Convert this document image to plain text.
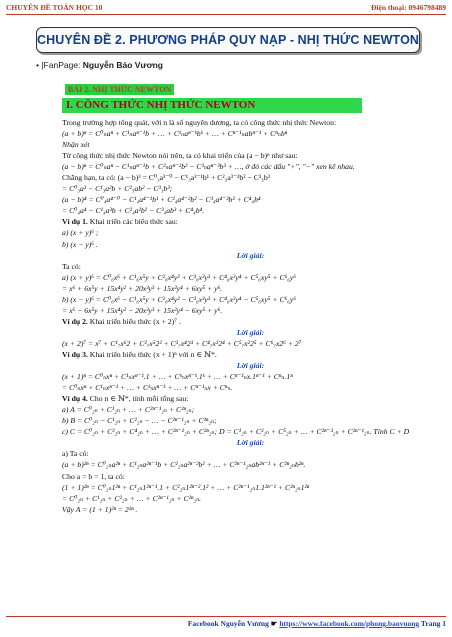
CHUYÊN ĐỀ TOÁN HỌC 10	Điện thoại: 0946798489
CHUYÊN ĐỀ 2. PHƯƠNG PHÁP QUY NẠP - NHỊ THỨC NEWTON
• |FanPage: Nguyễn Bảo Vương
BÀI 2. NHỊ THỨC NEWTON
I. CÔNG THỨC NHỊ THỨC NEWTON
Trong trường hợp tổng quát, với n là số nguyên dương, ta có công thức nhị thức Newton:
(a + b)ⁿ = C⁰ₙaⁿ + C¹ₙaⁿ⁻¹b + … + Cᵏₙaⁿ⁻ᵏbᵏ + … + Cⁿ⁻¹ₙabⁿ⁻¹ + Cⁿₙbⁿ
Nhận xét
Từ công thức nhị thức Newton nói trên, ta có khai triển của (a − b)ⁿ như sau:
(a − b)ⁿ = C⁰ₙaⁿ − C¹ₙaⁿ⁻¹b + C²ₙaⁿ⁻²b² − C³ₙaⁿ⁻³b³ + …, ở đó các dấu "+", "−" xen kẽ nhau.
Chẳng hạn, ta có: (a − b)³ = C⁰₃a³⁻⁰ − C¹₃a³⁻¹b¹ + C²₃a³⁻²b² − C³₃b³
= C⁰₃a³ − C¹₃a²b + C²₃ab² − C³₃b³;
(a − b)⁴ = C⁰₄a⁴⁻⁰ − C¹₄a⁴⁻¹b¹ + C²₄a⁴⁻²b² − C³₄a⁴⁻³b³ + C⁴₄b⁴
= C⁰₄a⁴ − C¹₄a³b + C²₄a²b² − C³₄ab³ + C⁴₄b⁴.
Ví dụ 1. Khai triển các biểu thức sau:
a) (x + y)⁶ ;
b) (x − y)⁶ .
Lời giải:
Ta có:
a) (x + y)⁶ = C⁰₆x⁶ + C¹₆x⁵y + C²₆x⁴y² + C³₆x³y³ + C⁴₆x²y⁴ + C⁵₆xy⁵ + C⁶₆y⁶
= x⁶ + 6x⁵y + 15x⁴y² + 20x³y³ + 15x²y⁴ + 6xy⁵ + y⁶.
b) (x − y)⁶ = C⁰₆x⁶ − C¹₆x⁵y + C²₆x⁴y² − C³₆x³y³ + C⁴₆x²y⁴ − C⁵₆xy⁵ + C⁶₆y⁶
= x⁶ − 6x⁵y + 15x⁴y² − 20x³y³ + 15x²y⁴ − 6xy⁵ + y⁶.
Ví dụ 2. Khai triển biểu thức (x + 2)⁷ .
Lời giải:
(x + 2)⁷ = x⁷ + C¹₇x⁶2 + C²₇x⁵2² + C³₇x⁴2³ + C⁴₇x³2⁴ + C⁵₇x²2⁵ + C⁶₇x2⁶ + 2⁷
Ví dụ 3. Khai triển biểu thức (x + 1)ⁿ với n ∈ ℕ*.
Lời giải:
(x + 1)ⁿ = C⁰ₙxⁿ + C¹ₙxⁿ⁻¹.1 + … + Cᵏₙxⁿ⁻ᵏ.1ᵏ + … + Cⁿ⁻¹ₙx.1ⁿ⁻¹ + Cⁿₙ.1ⁿ
= C⁰ₙxⁿ + C¹ₙxⁿ⁻¹ + … + Cᵏₙxⁿ⁻ᵏ + … + Cⁿ⁻¹ₙx + Cⁿₙ.
Ví dụ 4. Cho n ∈ ℕ*, tính mỗi tổng sau:
a) A = C⁰₂ₙ + C¹₂ₙ + … + C²ⁿ⁻¹₂ₙ + C²ⁿ₂ₙ;
b) B = C⁰₂ₙ − C¹₂ₙ + C²₂ₙ − … − C²ⁿ⁻¹₂ₙ + C²ⁿ₂ₙ;
c) C = C⁰₂ₙ + C²₂ₙ + C⁴₂ₙ + … + C²ⁿ⁻²₂ₙ + C²ⁿ₂ₙ; D = C¹₂ₙ + C³₂ₙ + C⁵₂ₙ + … + C²ⁿ⁻³₂ₙ + C²ⁿ⁻¹₂ₙ. Tính C + D
Lời giải:
a) Ta có:
(a + b)²ⁿ = C⁰₂ₙa²ⁿ + C¹₂ₙa²ⁿ⁻¹b + C²₂ₙa²ⁿ⁻²b² + … + C²ⁿ⁻¹₂ₙab²ⁿ⁻¹ + C²ⁿ₂ₙb²ⁿ.
Cho a = b = 1, ta có:
(1 + 1)²ⁿ = C⁰₂ₙ1²ⁿ + C¹₂ₙ1²ⁿ⁻¹.1 + C²₂ₙ1²ⁿ⁻².1² + … + C²ⁿ⁻¹₂ₙ1.1²ⁿ⁻¹ + C²ⁿ₂ₙ1²ⁿ
= C⁰₂ₙ + C¹₂ₙ + C²₂ₙ + … + C²ⁿ⁻¹₂ₙ + C²ⁿ₂ₙ.
Vậy A = (1 + 1)²ⁿ = 2²ⁿ .
Facebook Nguyễn Vương ☛ https://www.facebook.com/phong.baovuong Trang 1
